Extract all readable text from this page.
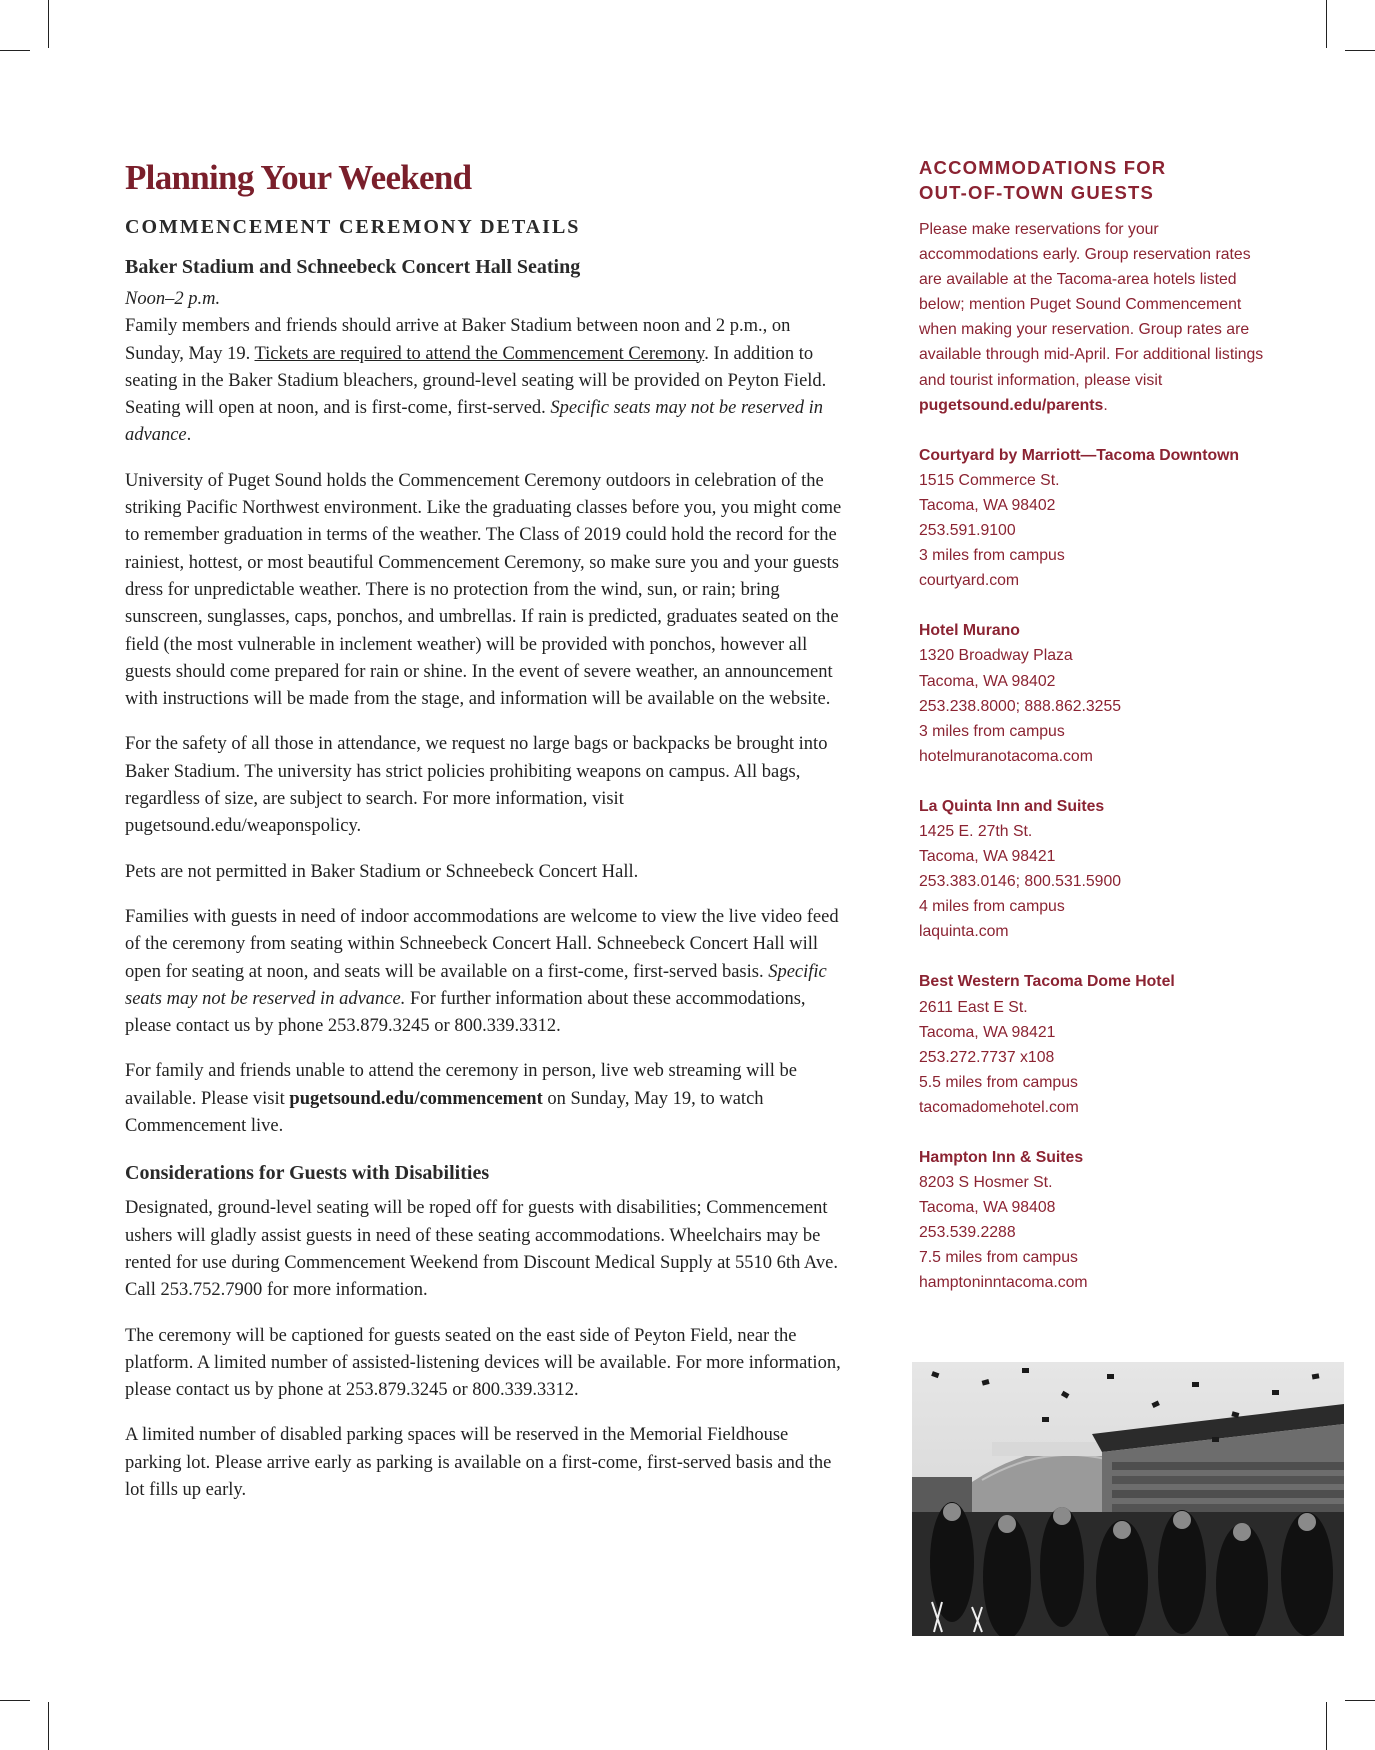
Planning Your Weekend
COMMENCEMENT CEREMONY DETAILS
Baker Stadium and Schneebeck Concert Hall Seating
Noon–2 p.m.

Family members and friends should arrive at Baker Stadium between noon and 2 p.m., on Sunday, May 19. Tickets are required to attend the Commencement Ceremony. In addition to seating in the Baker Stadium bleachers, ground-level seating will be provided on Peyton Field. Seating will open at noon, and is first-come, first-served. Specific seats may not be reserved in advance.

University of Puget Sound holds the Commencement Ceremony outdoors in celebration of the striking Pacific Northwest environment. Like the graduating classes before you, you might come to remember graduation in terms of the weather. The Class of 2019 could hold the record for the rainiest, hottest, or most beautiful Commencement Ceremony, so make sure you and your guests dress for unpredictable weather. There is no protection from the wind, sun, or rain; bring sunscreen, sunglasses, caps, ponchos, and umbrellas. If rain is predicted, graduates seated on the field (the most vulnerable in inclement weather) will be provided with ponchos, however all guests should come prepared for rain or shine. In the event of severe weather, an announcement with instructions will be made from the stage, and information will be available on the website.

For the safety of all those in attendance, we request no large bags or backpacks be brought into Baker Stadium. The university has strict policies prohibiting weapons on campus. All bags, regardless of size, are subject to search. For more information, visit pugetsound.edu/weaponspolicy.

Pets are not permitted in Baker Stadium or Schneebeck Concert Hall.

Families with guests in need of indoor accommodations are welcome to view the live video feed of the ceremony from seating within Schneebeck Concert Hall. Schneebeck Concert Hall will open for seating at noon, and seats will be available on a first-come, first-served basis. Specific seats may not be reserved in advance. For further information about these accommodations, please contact us by phone 253.879.3245 or 800.339.3312.

For family and friends unable to attend the ceremony in person, live web streaming will be available. Please visit pugetsound.edu/commencement on Sunday, May 19, to watch Commencement live.

Considerations for Guests with Disabilities

Designated, ground-level seating will be roped off for guests with disabilities; Commencement ushers will gladly assist guests in need of these seating accommodations. Wheelchairs may be rented for use during Commencement Weekend from Discount Medical Supply at 5510 6th Ave. Call 253.752.7900 for more information.

The ceremony will be captioned for guests seated on the east side of Peyton Field, near the platform. A limited number of assisted-listening devices will be available. For more information, please contact us by phone at 253.879.3245 or 800.339.3312.

A limited number of disabled parking spaces will be reserved in the Memorial Fieldhouse parking lot. Please arrive early as parking is available on a first-come, first-served basis and the lot fills up early.

ACCOMMODATIONS FOR
OUT-OF-TOWN GUESTS

Please make reservations for your accommodations early. Group reservation rates are available at the Tacoma-area hotels listed below; mention Puget Sound Commencement when making your reservation. Group rates are available through mid-April. For additional listings and tourist information, please visit pugetsound.edu/parents.

Courtyard by Marriott—Tacoma Downtown
1515 Commerce St.
Tacoma, WA 98402
253.591.9100
3 miles from campus
courtyard.com
Hotel Murano
1320 Broadway Plaza
Tacoma, WA 98402
253.238.8000; 888.862.3255
3 miles from campus
hotelmuranotacoma.com
La Quinta Inn and Suites
1425 E. 27th St.
Tacoma, WA 98421
253.383.0146; 800.531.5900
4 miles from campus
laquinta.com
Best Western Tacoma Dome Hotel
2611 East E St.
Tacoma, WA 98421
253.272.7737 x108
5.5 miles from campus
tacomadomehotel.com
Hampton Inn & Suites
8203 S Hosmer St.
Tacoma, WA 98408
253.539.2288
7.5 miles from campus
hamptoninntacoma.com
